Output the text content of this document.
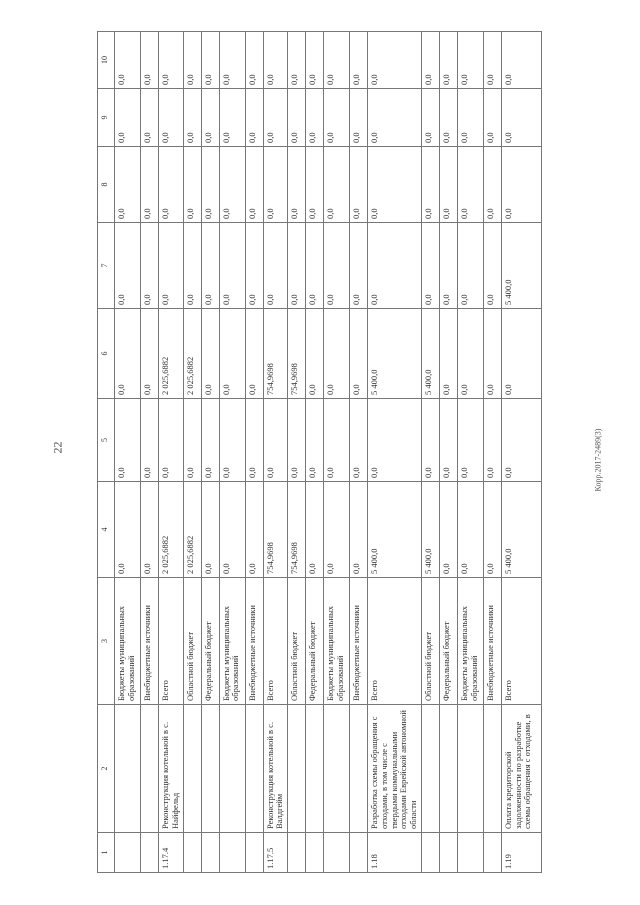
22	Корр.2017-2489(3)
1	2	3	4	5	6	7	8	9	10
		Бюджеты муниципальных образований	0,0	0,0	0,0	0,0	0,0	0,0	0,0
		Внебюджетные источники	0,0	0,0	0,0	0,0	0,0	0,0	0,0
1.17.4	Реконструкция котельной в с. Найфельд	Всего	2 025,6882	0,0	2 025,6882	0,0	0,0	0,0	0,0
		Областной бюджет	2 025,6882	0,0	2 025,6882	0,0	0,0	0,0	0,0
		Федеральный бюджет	0,0	0,0	0,0	0,0	0,0	0,0	0,0
		Бюджеты муниципальных образований	0,0	0,0	0,0	0,0	0,0	0,0	0,0
		Внебюджетные источники	0,0	0,0	0,0	0,0	0,0	0,0	0,0
1.17.5	Реконструкция котельной в с. Валдгейм	Всего	754,9698	0,0	754,9698	0,0	0,0	0,0	0,0
		Областной бюджет	754,9698	0,0	754,9698	0,0	0,0	0,0	0,0
		Федеральный бюджет	0,0	0,0	0,0	0,0	0,0	0,0	0,0
		Бюджеты муниципальных образований	0,0	0,0	0,0	0,0	0,0	0,0	0,0
		Внебюджетные источники	0,0	0,0	0,0	0,0	0,0	0,0	0,0
1.18	Разработка схемы обращения с отходами, в том числе с твердыми коммунальными отходами Еврейской автономной области	Всего	5 400,0	0,0	5 400,0	0,0	0,0	0,0	0,0
		Областной бюджет	5 400,0	0,0	5 400,0	0,0	0,0	0,0	0,0
		Федеральный бюджет	0,0	0,0	0,0	0,0	0,0	0,0	0,0
		Бюджеты муниципальных образований	0,0	0,0	0,0	0,0	0,0	0,0	0,0
		Внебюджетные источники	0,0	0,0	0,0	0,0	0,0	0,0	0,0
1.19	Оплата кредиторской задолженности по разработке схемы обращения с отходами, в	Всего	5 400,0	0,0	0,0	5 400,0	0,0	0,0	0,0
